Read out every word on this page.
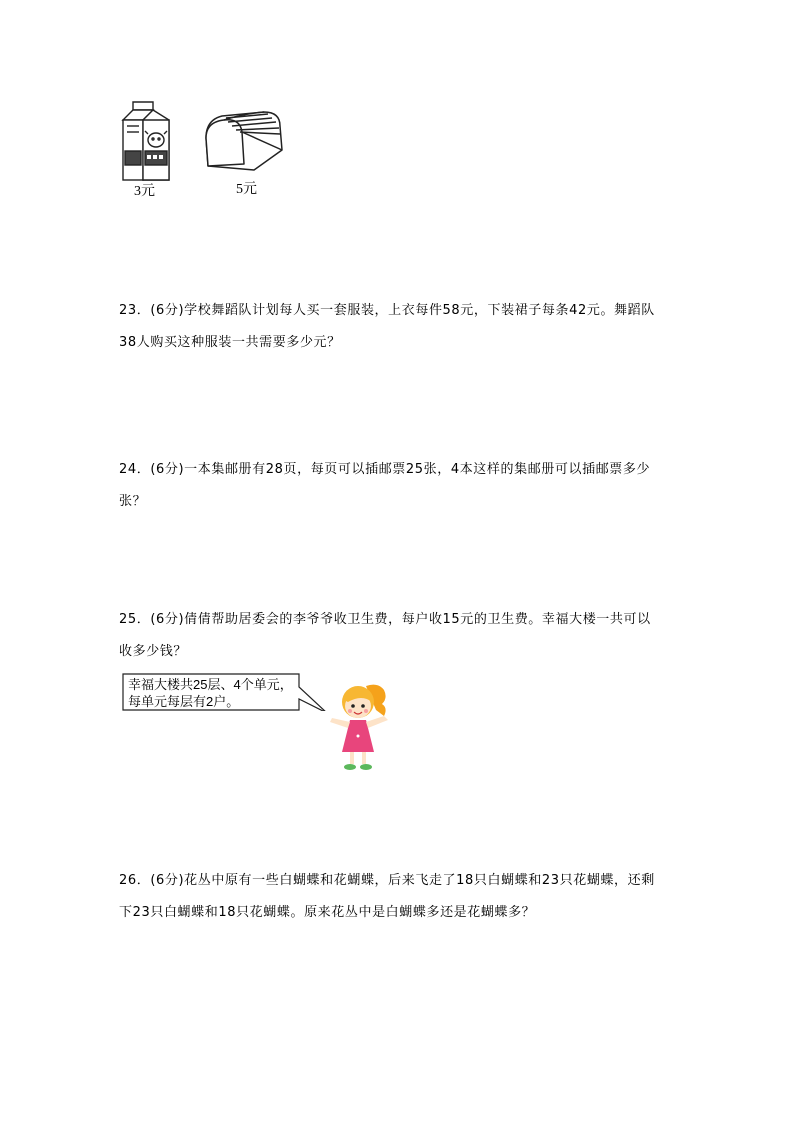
3元	5元

23．(6分)学校舞蹈队计划每人买一套服装，上衣每件58元，下装裙子每条42元。舞蹈队

38人购买这种服装一共需要多少元？

24．(6分)一本集邮册有28页，每页可以插邮票25张，4本这样的集邮册可以插邮票多少

张？

25．(6分)倩倩帮助居委会的李爷爷收卫生费，每户收15元的卫生费。幸福大楼一共可以

收多少钱？

幸福大楼共25层、4个单元，
每单元每层有2户。

26．(6分)花丛中原有一些白蝴蝶和花蝴蝶，后来飞走了18只白蝴蝶和23只花蝴蝶，还剩

下23只白蝴蝶和18只花蝴蝶。原来花丛中是白蝴蝶多还是花蝴蝶多？
